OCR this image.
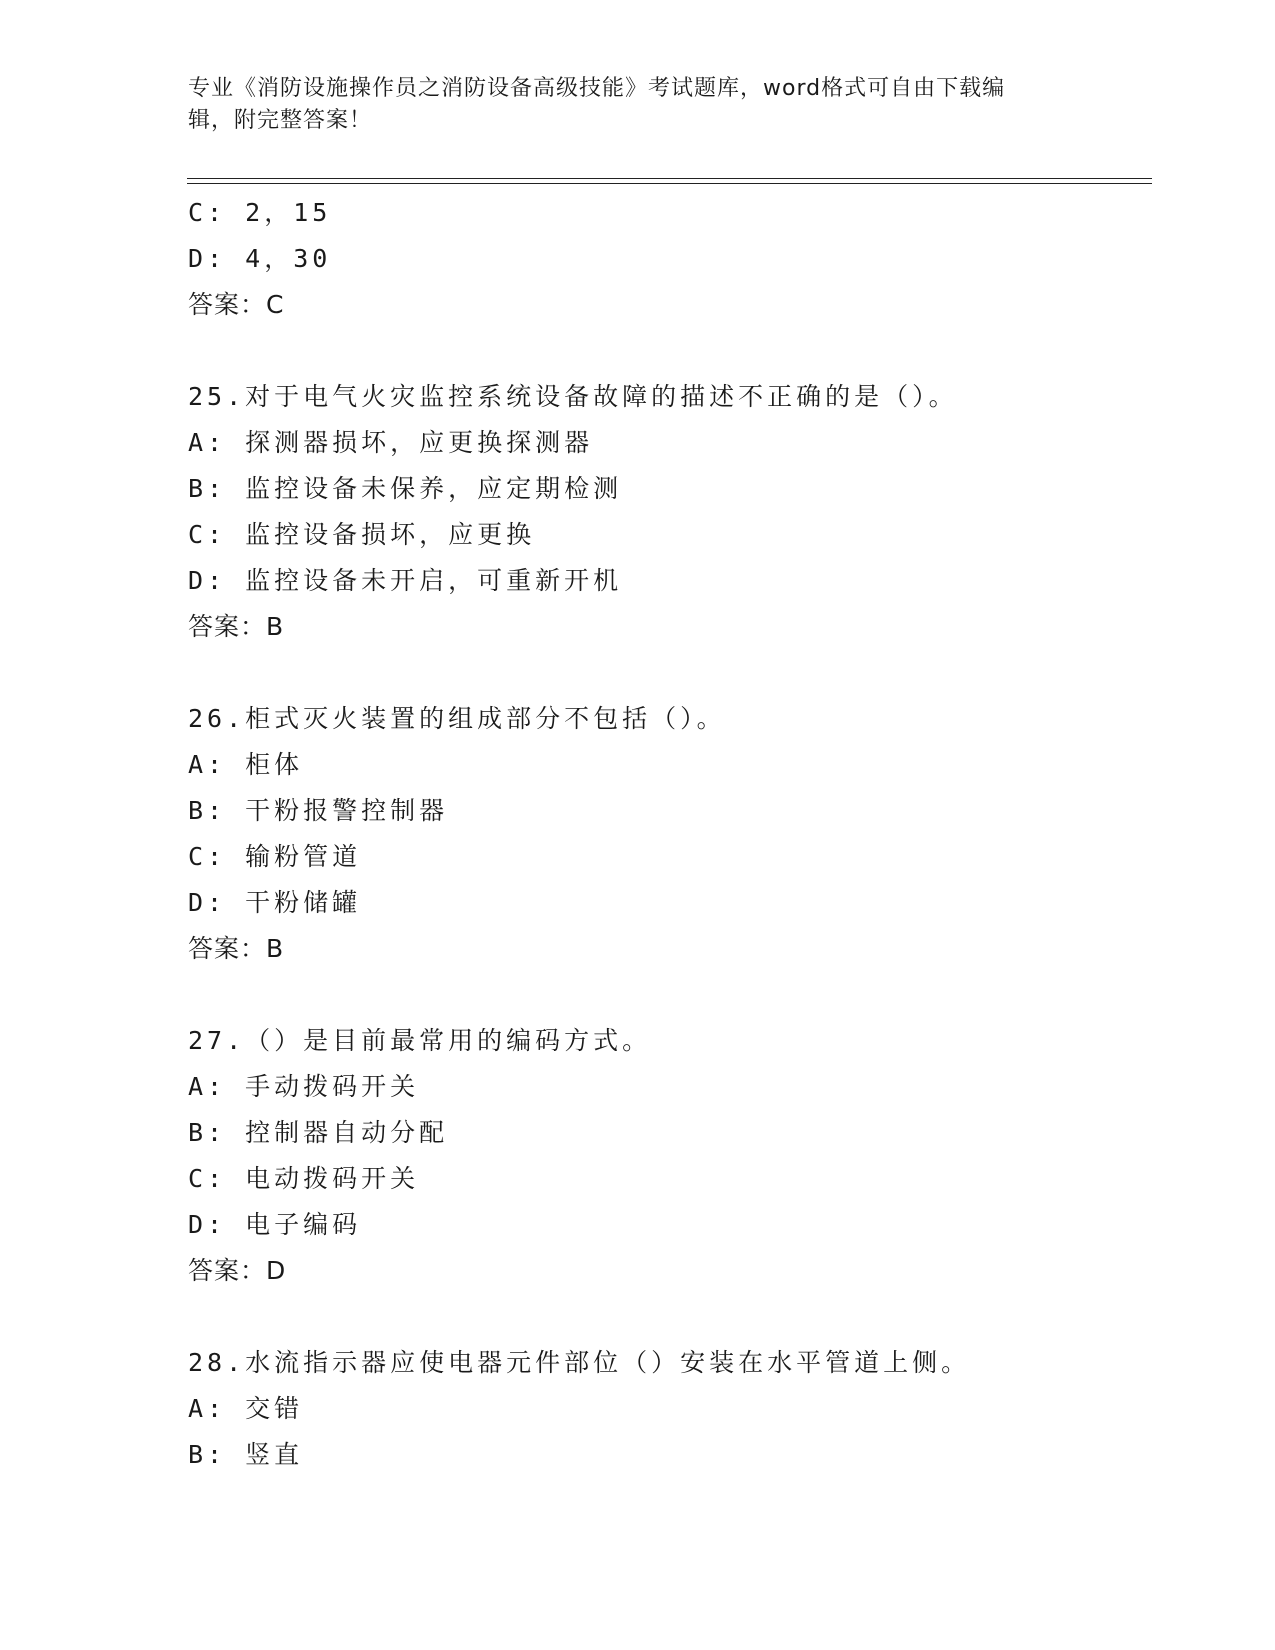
专业《消防设施操作员之消防设备高级技能》考试题库，word格式可自由下载编
辑，附完整答案！
C: 2，15
D: 4，30
答案：C
25.对于电气火灾监控系统设备故障的描述不正确的是（）。
A: 探测器损坏，应更换探测器
B: 监控设备未保养，应定期检测
C: 监控设备损坏，应更换
D: 监控设备未开启，可重新开机
答案：B
26.柜式灭火装置的组成部分不包括（）。
A: 柜体
B: 干粉报警控制器
C: 输粉管道
D: 干粉储罐
答案：B
27.（）是目前最常用的编码方式。
A: 手动拨码开关
B: 控制器自动分配
C: 电动拨码开关
D: 电子编码
答案：D
28.水流指示器应使电器元件部位（）安装在水平管道上侧。
A: 交错
B: 竖直
